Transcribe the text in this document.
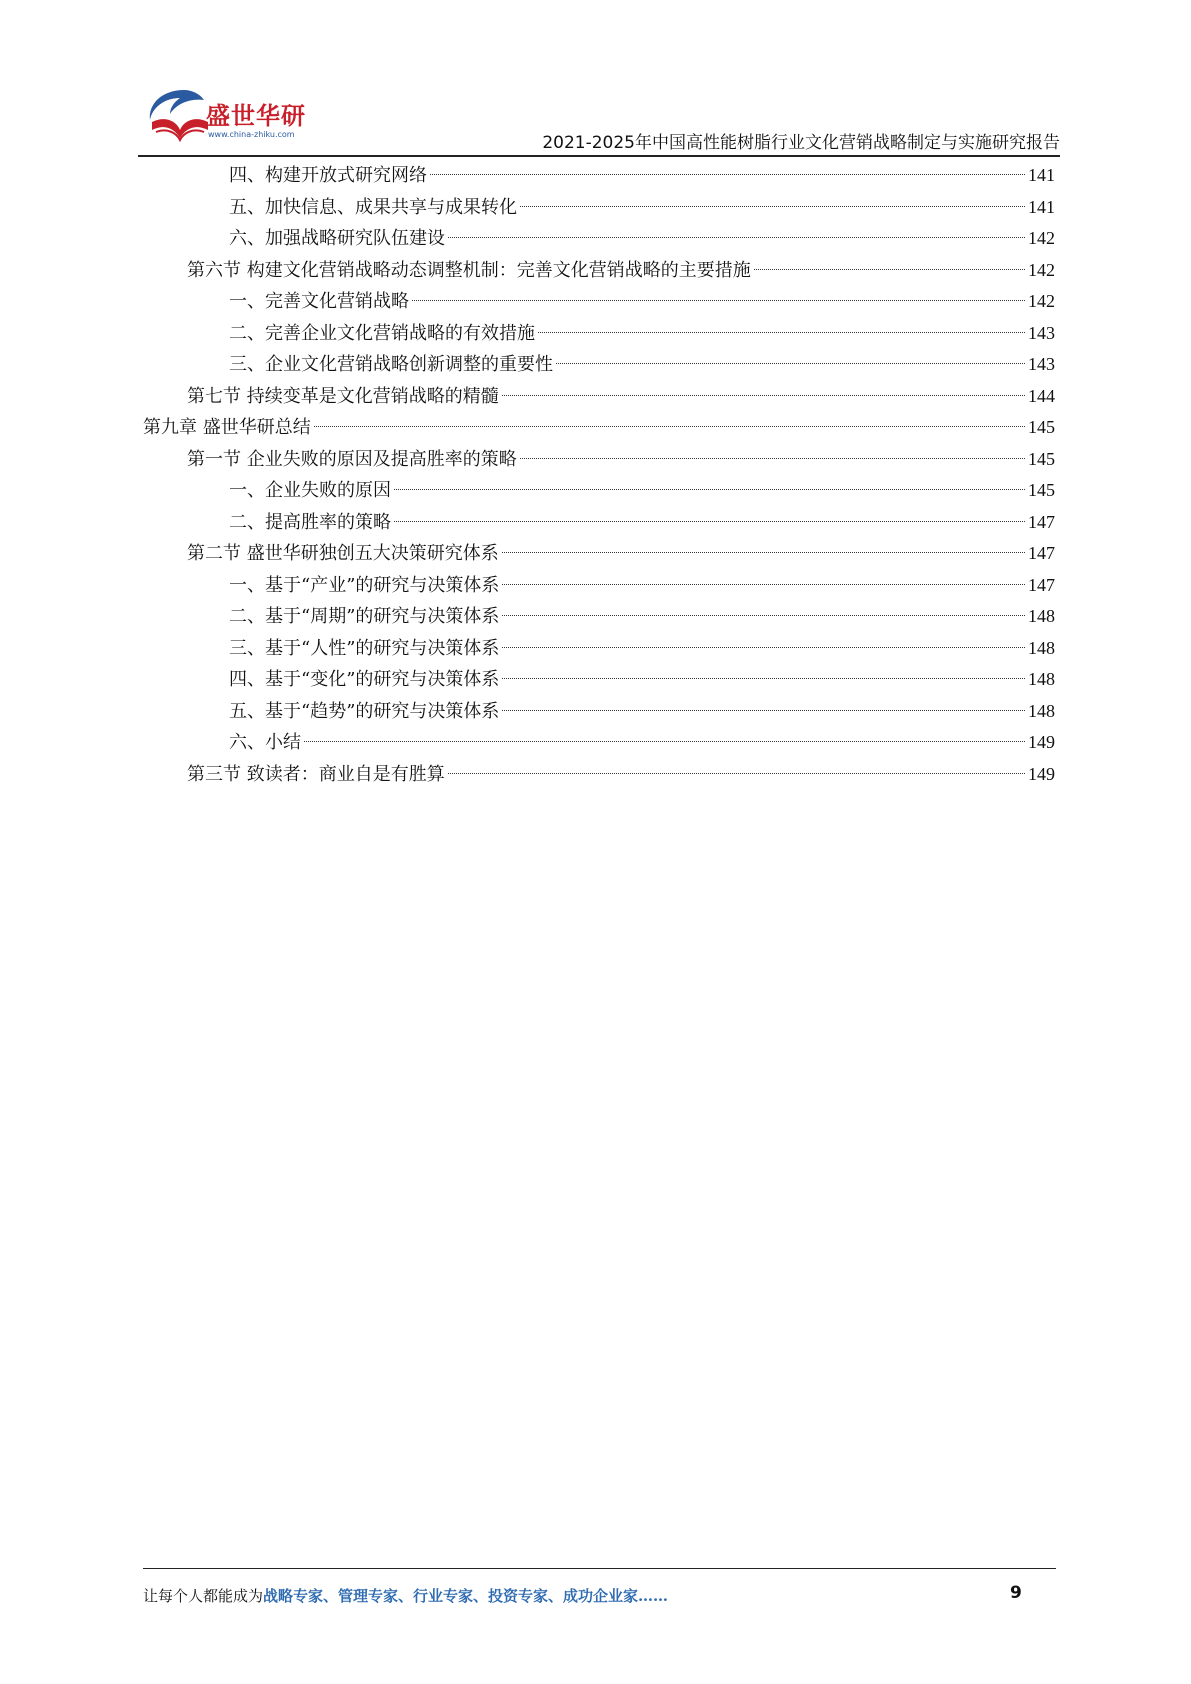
盛世华研
www.china-zhiku.com	2021-2025年中国高性能树脂行业文化营销战略制定与实施研究报告
四、构建开放式研究网络	141
五、加快信息、成果共享与成果转化	141
六、加强战略研究队伍建设	142
第六节 构建文化营销战略动态调整机制：完善文化营销战略的主要措施	142
一、完善文化营销战略	142
二、完善企业文化营销战略的有效措施	143
三、企业文化营销战略创新调整的重要性	143
第七节 持续变革是文化营销战略的精髓	144
第九章 盛世华研总结	145
第一节 企业失败的原因及提高胜率的策略	145
一、企业失败的原因	145
二、提高胜率的策略	147
第二节 盛世华研独创五大决策研究体系	147
一、基于“产业”的研究与决策体系	147
二、基于“周期”的研究与决策体系	148
三、基于“人性”的研究与决策体系	148
四、基于“变化”的研究与决策体系	148
五、基于“趋势”的研究与决策体系	148
六、小结	149
第三节 致读者：商业自是有胜算	149
让每个人都能成为战略专家、管理专家、行业专家、投资专家、成功企业家……	9
